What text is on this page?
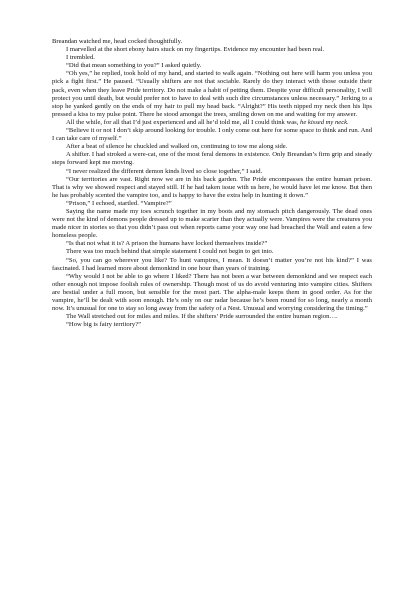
Breandan watched me, head cocked thoughtfully.

I marvelled at the short ebony hairs stuck on my fingertips. Evidence my encounter had been real.

I trembled.

“Did that mean something to you?” I asked quietly.

“Oh yes,” he replied, took hold of my hand, and started to walk again. “Nothing out here will harm you unless you pick a fight first.” He paused. “Usually shifters are not that sociable. Rarely do they interact with those outside their pack, even when they leave Pride territory. Do not make a habit of petting them. Despite your difficult personality, I will protect you until death, but would prefer not to have to deal with such dire circumstances unless necessary.” Jerking to a stop he yanked gently on the ends of my hair to pull my head back. “Alright?” His teeth nipped my neck then his lips pressed a kiss to my pulse point. There he stood amongst the trees, smiling down on me and waiting for my answer.

All the while, for all that I’d just experienced and all he’d told me, all I could think was, he kissed my neck.

“Believe it or not I don’t skip around looking for trouble. I only come out here for some space to think and run. And I can take care of myself.”

After a beat of silence he chuckled and walked on, continuing to tow me along side.

A shifter. I had stroked a were-cat, one of the most feral demons in existence. Only Breandan’s firm grip and steady steps forward kept me moving.

“I never realized the different demon kinds lived so close together,” I said.

“Our territories are vast. Right now we are in his back garden. The Pride encompasses the entire human prison. That is why we showed respect and stayed still. If he had taken issue with us here, he would have let me know. But then he has probably scented the vampire too, and is happy to have the extra help in hunting it down.”

“Prison,” I echoed, startled. “Vampire?”

Saying the name made my toes scrunch together in my boots and my stomach pitch dangerously. The dead ones were not the kind of demons people dressed up to make scarier than they actually were. Vampires were the creatures you made nicer in stories so that you didn’t pass out when reports came your way one had breached the Wall and eaten a few homeless people.

“Is that not what it is? A prison the humans have locked themselves inside?”

There was too much behind that simple statement I could not begin to get into.

“So, you can go wherever you like? To hunt vampires, I mean. It doesn’t matter you’re not his kind?” I was fascinated. I had learned more about demonkind in one hour than years of training.

“Why would I not be able to go where I liked? There has not been a war between demonkind and we respect each other enough not impose foolish rules of ownership. Though most of us do avoid venturing into vampire cities. Shifters are bestial under a full moon, but sensible for the most part. The alpha-male keeps them in good order. As for the vampire, he’ll be dealt with soon enough. He’s only on our radar because he’s been round for so long, nearly a month now. It’s unusual for one to stay so long away from the safety of a Nest. Unusual and worrying considering the timing.”

The Wall stretched out for miles and miles. If the shifters’ Pride surrounded the entire human region….

“How big is fairy territory?”
